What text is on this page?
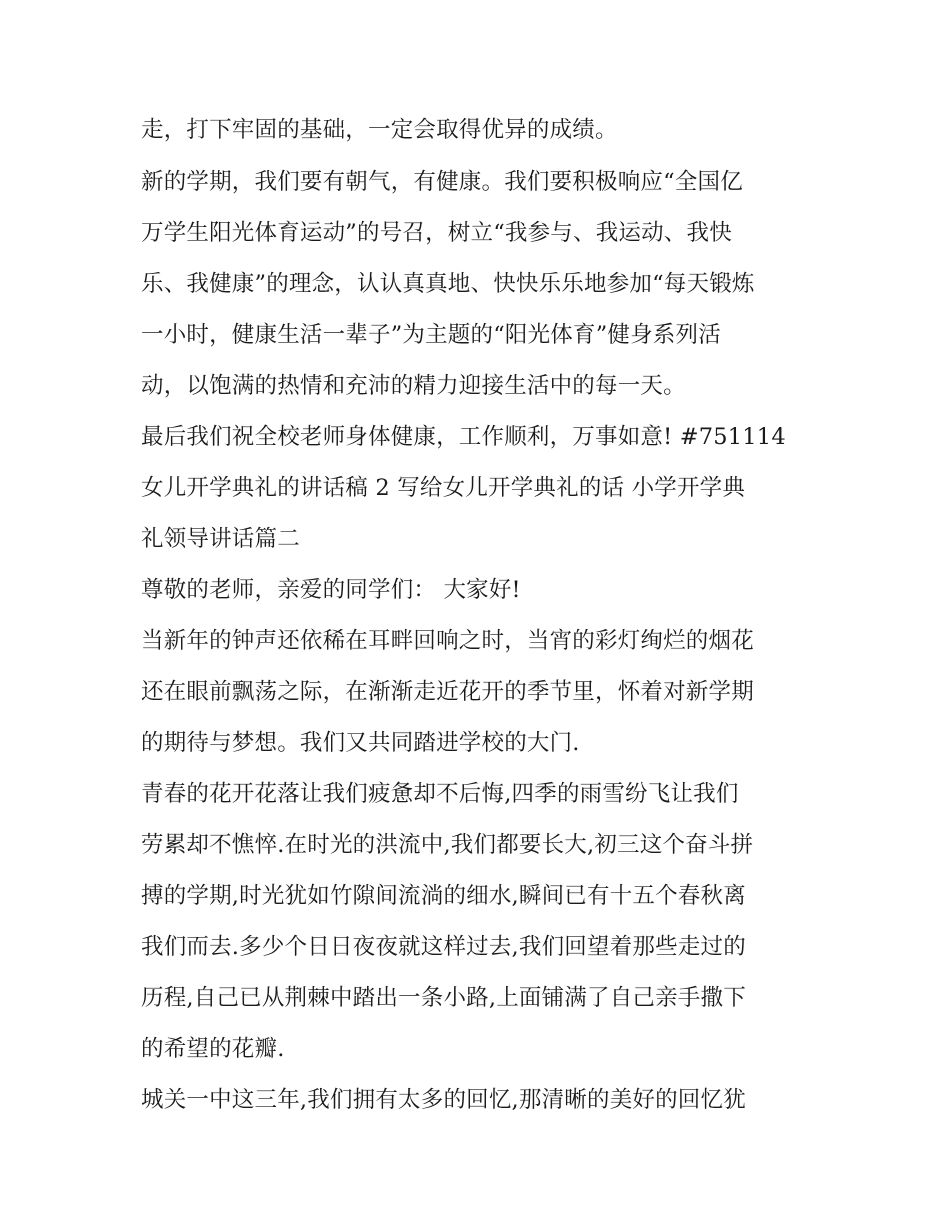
走，打下牢固的基础，一定会取得优异的成绩。
新的学期，我们要有朝气，有健康。我们要积极响应“全国亿
万学生阳光体育运动”的号召，树立“我参与、我运动、我快
乐、我健康”的理念，认认真真地、快快乐乐地参加“每天锻炼
一小时，健康生活一辈子”为主题的“阳光体育”健身系列活
动，以饱满的热情和充沛的精力迎接生活中的每一天。
最后我们祝全校老师身体健康，工作顺利，万事如意! #751114
女儿开学典礼的讲话稿 2 写给女儿开学典礼的话 小学开学典
礼领导讲话篇二
尊敬的老师，亲爱的同学们： 大家好!
当新年的钟声还依稀在耳畔回响之时，当宵的彩灯绚烂的烟花
还在眼前飘荡之际，在渐渐走近花开的季节里，怀着对新学期
的期待与梦想。我们又共同踏进学校的大门.
青春的花开花落让我们疲惫却不后悔,四季的雨雪纷飞让我们
劳累却不憔悴.在时光的洪流中,我们都要长大,初三这个奋斗拼
搏的学期,时光犹如竹隙间流淌的细水,瞬间已有十五个春秋离
我们而去.多少个日日夜夜就这样过去,我们回望着那些走过的
历程,自己已从荆棘中踏出一条小路,上面铺满了自己亲手撒下
的希望的花瓣.
城关一中这三年,我们拥有太多的回忆,那清晰的美好的回忆犹
